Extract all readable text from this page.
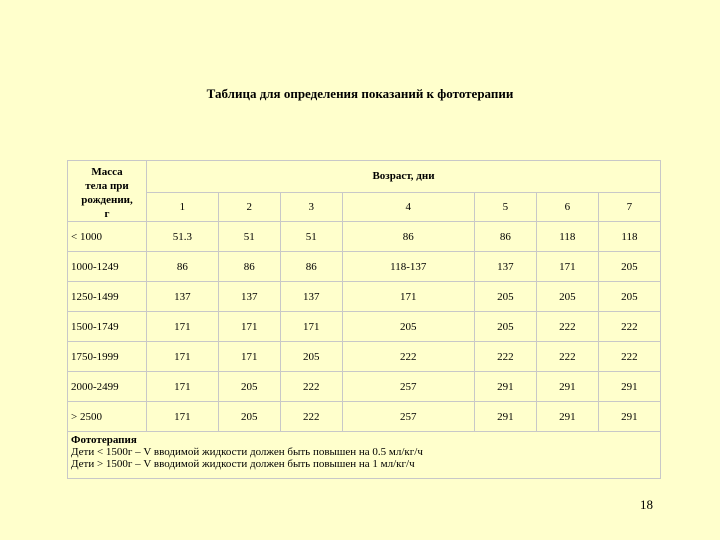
Таблица для определения показаний к фототерапии
Масса
тела при
рождении,
г	Возраст, дни						
	1	2	3	4	5	6	7
< 1000	51.3	51	51	86	86	118	118
1000-1249	86	86	86	118-137	137	171	205
1250-1499	137	137	137	171	205	205	205
1500-1749	171	171	171	205	205	222	222
1750-1999	171	171	205	222	222	222	222
2000-2499	171	205	222	257	291	291	291
> 2500	171	205	222	257	291	291	291

Фототерапия
Дети < 1500г – V вводимой жидкости должен быть повышен на 0.5 мл/кг/ч
Дети > 1500г – V вводимой жидкости должен быть повышен на 1 мл/кг/ч							
18
